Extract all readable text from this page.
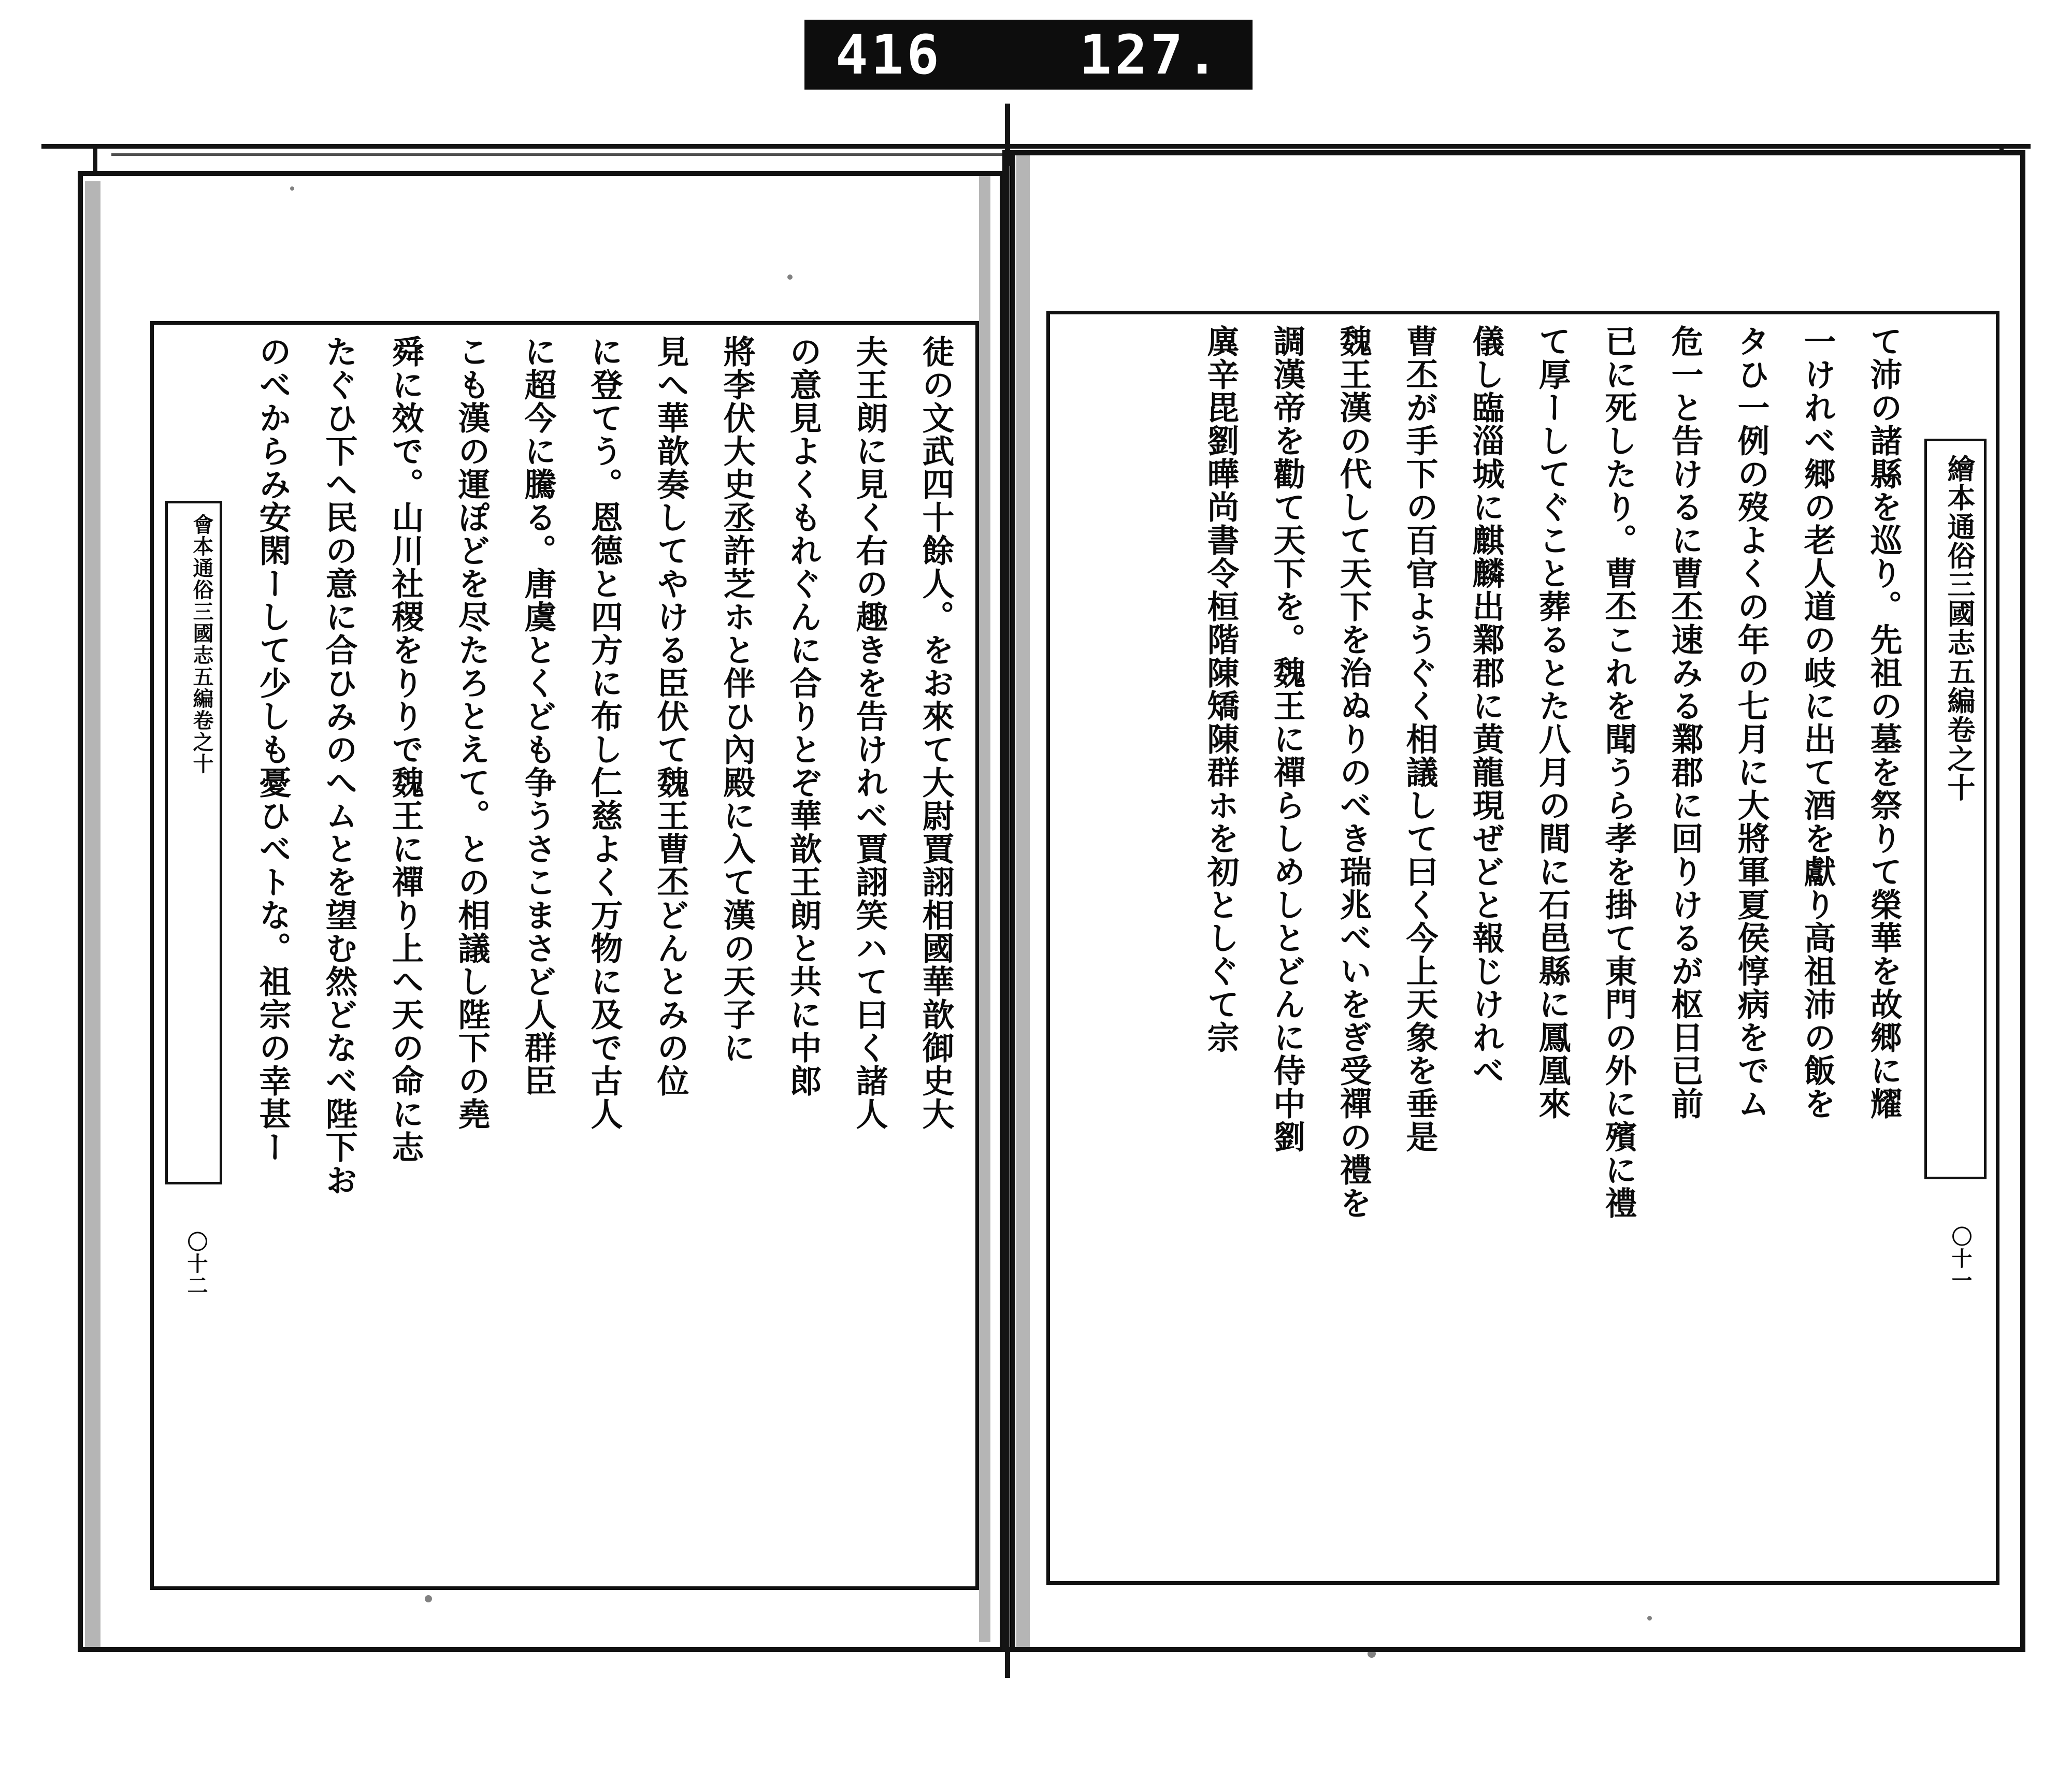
416	127.
繪本通俗三國志五編卷之十
〇十一
て沛の諸縣を巡り。先祖の墓を祭りて榮華を故郷に耀
一けれべ郷の老人道の岐に出て酒を獻り高祖沛の飯を
タひ一例の歿よくの年の七月に大將軍夏侯惇病をでム
危一と告けるに曹丕速みる鄴郡に回りけるが枢日已前
已に死したり。曹丕これを聞うら孝を掛て東門の外に殯に禮
て厚ーしてぐこと葬るとた八月の間に石邑縣に鳳凰來
儀し臨淄城に麒麟出鄴郡に黄龍現ぜどと報じけれべ
曹丕が手下の百官ようぐく相議して曰く今上天象を垂是
魏王漢の代して天下を治ぬりのべき瑞兆べいをぎ受禪の禮を
調漢帝を勸て天下を。魏王に禪らしめしとどんに侍中劉
廙辛毘劉曄尚書令桓階陳矯陳群ホを初としぐて宗
徒の文武四十餘人。をお來て大尉賈詡相國華歆御史大
夫王朗に見く右の趣きを告けれべ賈詡笑ハて曰く諸人
の意見よくもれぐんに合りとぞ華歆王朗と共に中郎
將李伏大史丞許芝ホと伴ひ內殿に入て漢の天子に
見へ華歆奏してやける臣伏て魏王曹丕どんとみの位
に登てう。恩德と四方に布し仁慈よく万物に及で古人
に超今に騰る。唐虞とくども争うさこまさど人群臣
こも漢の運ぽどを尽たろとえて。との相議し陛下の堯
舜に效で。山川社稷をりりで魏王に禪り上へ天の命に志
たぐひ下へ民の意に合ひみのへムとを望む然どなべ陛下お
のべからみ安閑ーして少しも憂ひべトな。祖宗の幸甚ー
會本通俗三國志五編卷之十
〇十二
